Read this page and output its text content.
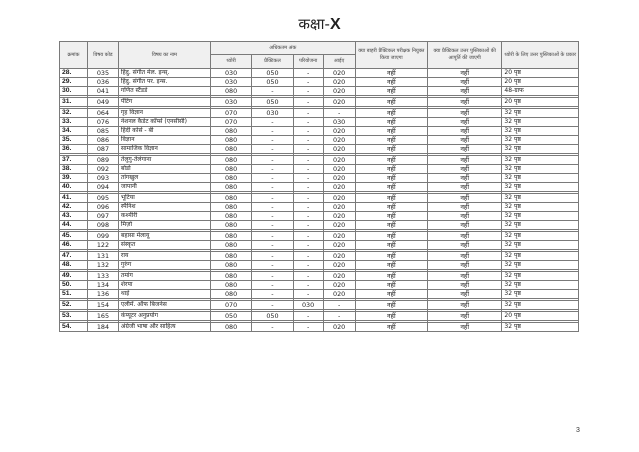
कक्षा-X
क्रमांक	विषय कोड	विषय का नाम	अधिकतम अंक				क्या बाहरी प्रैक्टिकल परीक्षक नियुक्त किया जाएगा	क्या प्रैक्टिकल उत्तर पुस्तिकाओं की आपूर्ति की जाएगी	थ्योरी के लिए उत्तर पुस्तिकाओं के प्रकार
			थ्योरी	प्रैक्टिकल	परियोजना	आईए			
28.	035	हिंदु. संगीत मेल. इन्स्.	030	050	-	020	नहीं	नहीं	20 पृष्ठ
29.	036	हिंदु. संगीत पर. इन्स.	030	050	-	020	नहीं	नहीं	20 पृष्ठ
30.	041	गणित स्टैंडर्ड	080	-	-	020	नहीं	नहीं	48-ग्राफ

31.	049	पेंटिंग	030	050	-	020	नहीं	नहीं	20 पृष्ठ

32.	064	गृह विज्ञान	070	030	-	-	नहीं	नहीं	32 पृष्ठ
33.	076	नेशनल कैडेट कॉर्प्स (एनसीसी)	070	-	-	030	नहीं	नहीं	32 पृष्ठ
34.	085	हिंदी कोर्स - बी	080	-	-	020	नहीं	नहीं	32 पृष्ठ
35.	086	विज्ञान	080	-	-	020	नहीं	नहीं	32 पृष्ठ
36.	087	सामाजिक विज्ञान	080	-	-	020	नहीं	नहीं	32 पृष्ठ

37.	089	तेलुगु-तेलंगाना	080	-	-	020	नहीं	नहीं	32 पृष्ठ
38.	092	बोडो	080	-	-	020	नहीं	नहीं	32 पृष्ठ
39.	093	तांगखुल	080	-	-	020	नहीं	नहीं	32 पृष्ठ
40.	094	जापानी	080	-	-	020	नहीं	नहीं	32 पृष्ठ

41.	095	भूटिया	080	-	-	020	नहीं	नहीं	32 पृष्ठ
42.	096	स्पैनिश	080	-	-	020	नहीं	नहीं	32 पृष्ठ
43.	097	कश्मीरी	080	-	-	020	नहीं	नहीं	32 पृष्ठ
44.	098	मिज़ो	080	-	-	020	नहीं	नहीं	32 पृष्ठ

45.	099	बहासा मेलायू	080	-	-	020	नहीं	नहीं	32 पृष्ठ
46.	122	संस्कृत	080	-	-	020	नहीं	नहीं	32 पृष्ठ

47.	131	राय	080	-	-	020	नहीं	नहीं	32 पृष्ठ
48.	132	गुरुंग	080	-	-	020	नहीं	नहीं	32 पृष्ठ

49.	133	तमांग	080	-	-	020	नहीं	नहीं	32 पृष्ठ
50.	134	शेरपा	080	-	-	020	नहीं	नहीं	32 पृष्ठ
51.	136	थाई	080	-	-	020	नहीं	नहीं	32 पृष्ठ

52.	154	एलीमें. ऑफ बिजनेस	070	-	030	-	नहीं	नहीं	32 पृष्ठ

53.	165	कंप्यूटर अनुप्रयोग	050	050	-	-	नहीं	नहीं	20 पृष्ठ

54.	184	अंग्रेजी भाषा और साहित्य	080	-	-	020	नहीं	नहीं	32 पृष्ठ
3
